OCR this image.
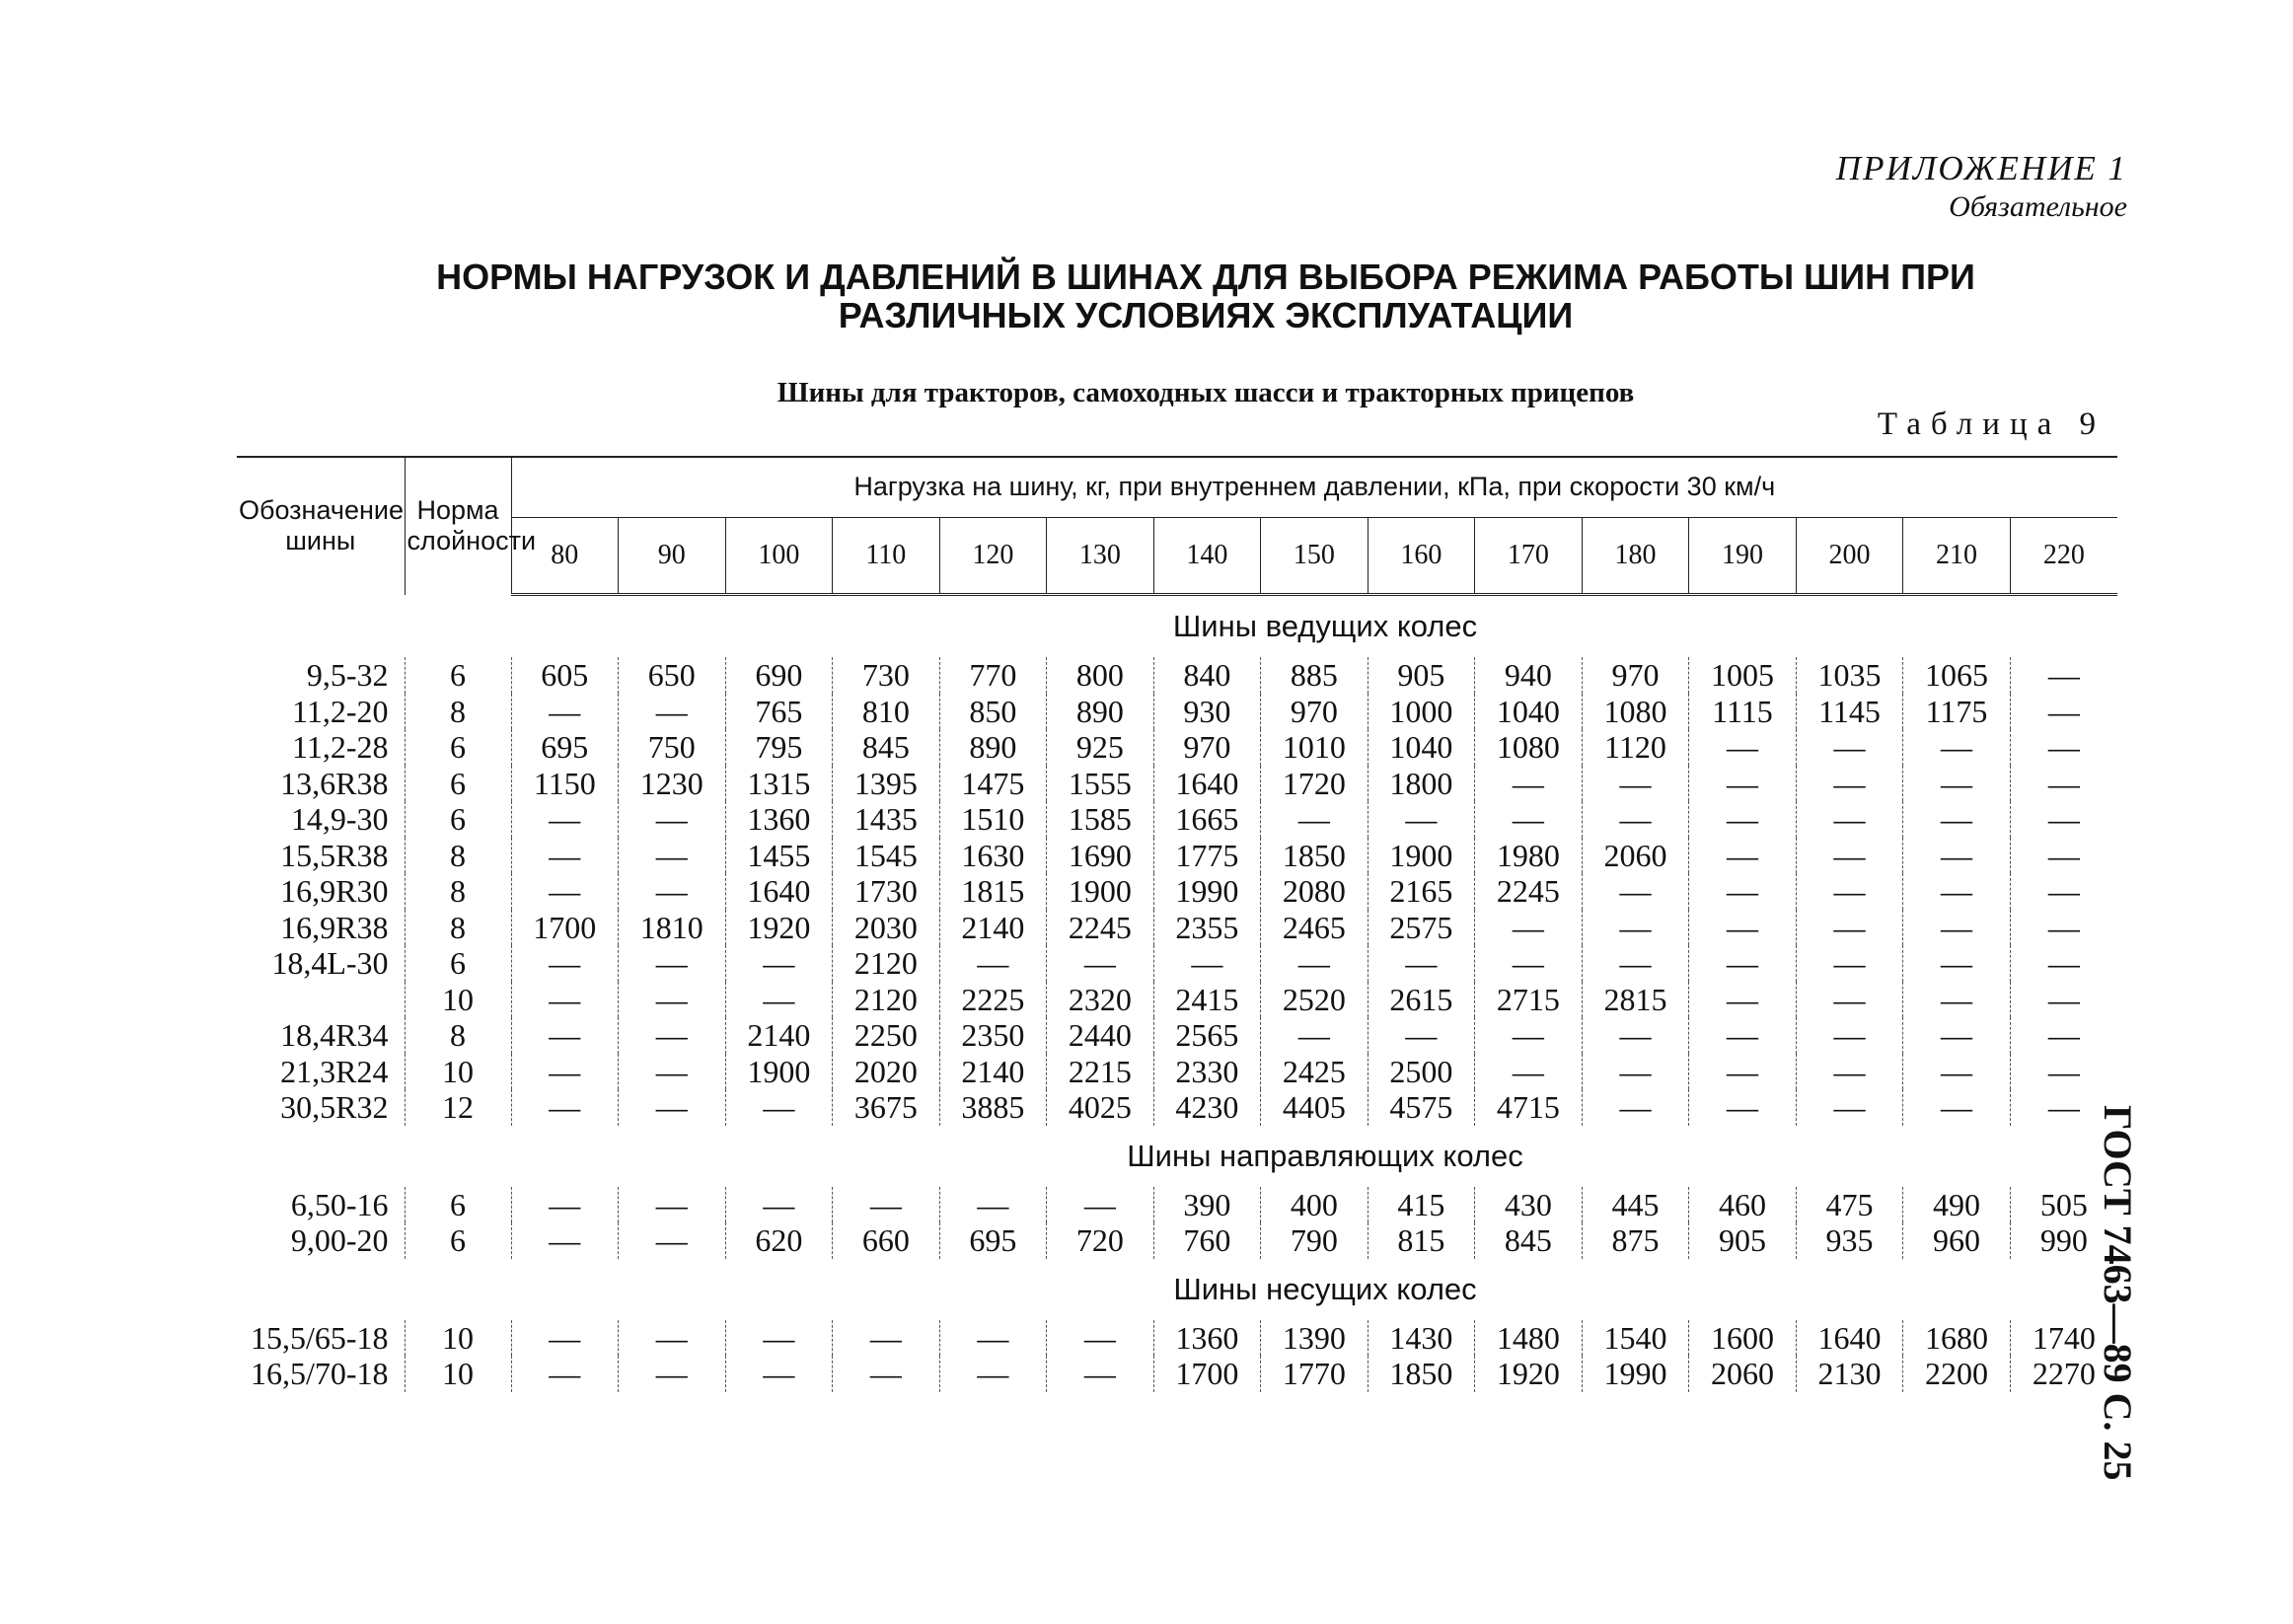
ПРИЛОЖЕНИЕ 1
Обязательное
НОРМЫ НАГРУЗОК И ДАВЛЕНИЙ В ШИНАХ ДЛЯ ВЫБОРА РЕЖИМА РАБОТЫ ШИН ПРИ
РАЗЛИЧНЫХ УСЛОВИЯХ ЭКСПЛУАТАЦИИ
Шины для тракторов, самоходных шасси и тракторных прицепов
Таблица 9
ГОСТ 7463—89 С. 25
Обозначение шины	Норма слойности	Нагрузка на шину, кг, при внутреннем давлении, кПа, при скорости 30 км/ч														
		80	90	100	110	120	130	140	150	160	170	180	190	200	210	220
Шины ведущих колес																
9,5-32	6	605	650	690	730	770	800	840	885	905	940	970	1005	1035	1065	—
11,2-20	8	—	—	765	810	850	890	930	970	1000	1040	1080	1115	1145	1175	—
11,2-28	6	695	750	795	845	890	925	970	1010	1040	1080	1120	—	—	—	—
13,6R38	6	1150	1230	1315	1395	1475	1555	1640	1720	1800	—	—	—	—	—	—
14,9-30	6	—	—	1360	1435	1510	1585	1665	—	—	—	—	—	—	—	—
15,5R38	8	—	—	1455	1545	1630	1690	1775	1850	1900	1980	2060	—	—	—	—
16,9R30	8	—	—	1640	1730	1815	1900	1990	2080	2165	2245	—	—	—	—	—
16,9R38	8	1700	1810	1920	2030	2140	2245	2355	2465	2575	—	—	—	—	—	—
18,4L-30	6	—	—	—	2120	—	—	—	—	—	—	—	—	—	—	—
	10	—	—	—	2120	2225	2320	2415	2520	2615	2715	2815	—	—	—	—
18,4R34	8	—	—	2140	2250	2350	2440	2565	—	—	—	—	—	—	—	—
21,3R24	10	—	—	1900	2020	2140	2215	2330	2425	2500	—	—	—	—	—	—
30,5R32	12	—	—	—	3675	3885	4025	4230	4405	4575	4715	—	—	—	—	—
Шины направляющих колес																
6,50-16	6	—	—	—	—	—	—	390	400	415	430	445	460	475	490	505
9,00-20	6	—	—	620	660	695	720	760	790	815	845	875	905	935	960	990
Шины несущих колес																
15,5/65-18	10	—	—	—	—	—	—	1360	1390	1430	1480	1540	1600	1640	1680	1740
16,5/70-18	10	—	—	—	—	—	—	1700	1770	1850	1920	1990	2060	2130	2200	2270
